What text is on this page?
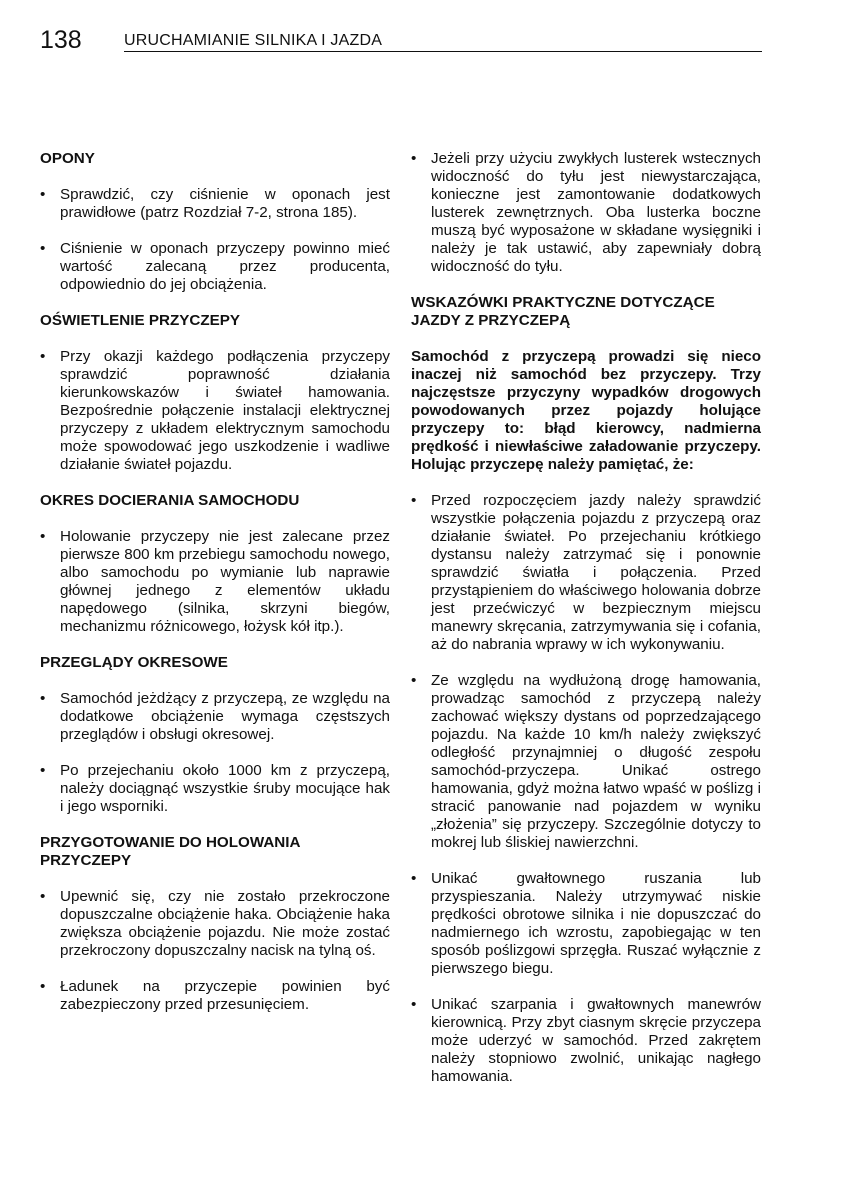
138	URUCHAMIANIE SILNIKA I JAZDA
OPONY
• Sprawdzić, czy ciśnienie w oponach jest prawidłowe (patrz Rozdział 7-2, strona 185).
• Ciśnienie w oponach przyczepy powinno mieć wartość zalecaną przez producenta, odpowiednio do jej obciążenia.
OŚWIETLENIE PRZYCZEPY
• Przy okazji każdego podłączenia przyczepy sprawdzić poprawność działania kierunkowskazów i świateł hamowania. Bezpośrednie połączenie instalacji elektrycznej przyczepy z układem elektrycznym samochodu może spowodować jego uszkodzenie i wadliwe działanie świateł pojazdu.
OKRES DOCIERANIA SAMOCHODU
• Holowanie przyczepy nie jest zalecane przez pierwsze 800 km przebiegu samochodu nowego, albo samochodu po wymianie lub naprawie głównej jednego z elementów układu napędowego (silnika, skrzyni biegów, mechanizmu różnicowego, łożysk kół itp.).
PRZEGLĄDY OKRESOWE
• Samochód jeżdżący z przyczepą, ze względu na dodatkowe obciążenie wymaga częstszych przeglądów i obsługi okresowej.
• Po przejechaniu około 1000 km z przyczepą, należy dociągnąć wszystkie śruby mocujące hak i jego wsporniki.
PRZYGOTOWANIE DO HOLOWANIA PRZYCZEPY
• Upewnić się, czy nie zostało przekroczone dopuszczalne obciążenie haka. Obciążenie haka zwiększa obciążenie pojazdu. Nie może zostać przekroczony dopuszczalny nacisk na tylną oś.
• Ładunek na przyczepie powinien być zabezpieczony przed przesunięciem.
• Jeżeli przy użyciu zwykłych lusterek wstecznych widoczność do tyłu jest niewystarczająca, konieczne jest zamontowanie dodatkowych lusterek zewnętrznych. Oba lusterka boczne muszą być wyposażone w składane wysięgniki i należy je tak ustawić, aby zapewniały dobrą widoczność do tyłu.
WSKAZÓWKI PRAKTYCZNE DOTYCZĄCE JAZDY Z PRZYCZEPĄ
Samochód z przyczepą prowadzi się nieco inaczej niż samochód bez przyczepy. Trzy najczęstsze przyczyny wypadków drogowych powodowanych przez pojazdy holujące przyczepy to: błąd kierowcy, nadmierna prędkość i niewłaściwe załadowanie przyczepy. Holując przyczepę należy pamiętać, że:
• Przed rozpoczęciem jazdy należy sprawdzić wszystkie połączenia pojazdu z przyczepą oraz działanie świateł. Po przejechaniu krótkiego dystansu należy zatrzymać się i ponownie sprawdzić światła i połączenia. Przed przystąpieniem do właściwego holowania dobrze jest przećwiczyć w bezpiecznym miejscu manewry skręcania, zatrzymywania się i cofania, aż do nabrania wprawy w ich wykonywaniu.
• Ze względu na wydłużoną drogę hamowania, prowadząc samochód z przyczepą należy zachować większy dystans od poprzedzającego pojazdu. Na każde 10 km/h należy zwiększyć odległość przynajmniej o długość zespołu samochód-przyczepa. Unikać ostrego hamowania, gdyż można łatwo wpaść w poślizg i stracić panowanie nad pojazdem w wyniku „złożenia” się przyczepy. Szczególnie dotyczy to mokrej lub śliskiej nawierzchni.
• Unikać gwałtownego ruszania lub przyspieszania. Należy utrzymywać niskie prędkości obrotowe silnika i nie dopuszczać do nadmiernego ich wzrostu, zapobiegając w ten sposób poślizgowi sprzęgła. Ruszać wyłącznie z pierwszego biegu.
• Unikać szarpania i gwałtownych manewrów kierownicą. Przy zbyt ciasnym skręcie przyczepa może uderzyć w samochód. Przed zakrętem należy stopniowo zwolnić, unikając nagłego hamowania.
